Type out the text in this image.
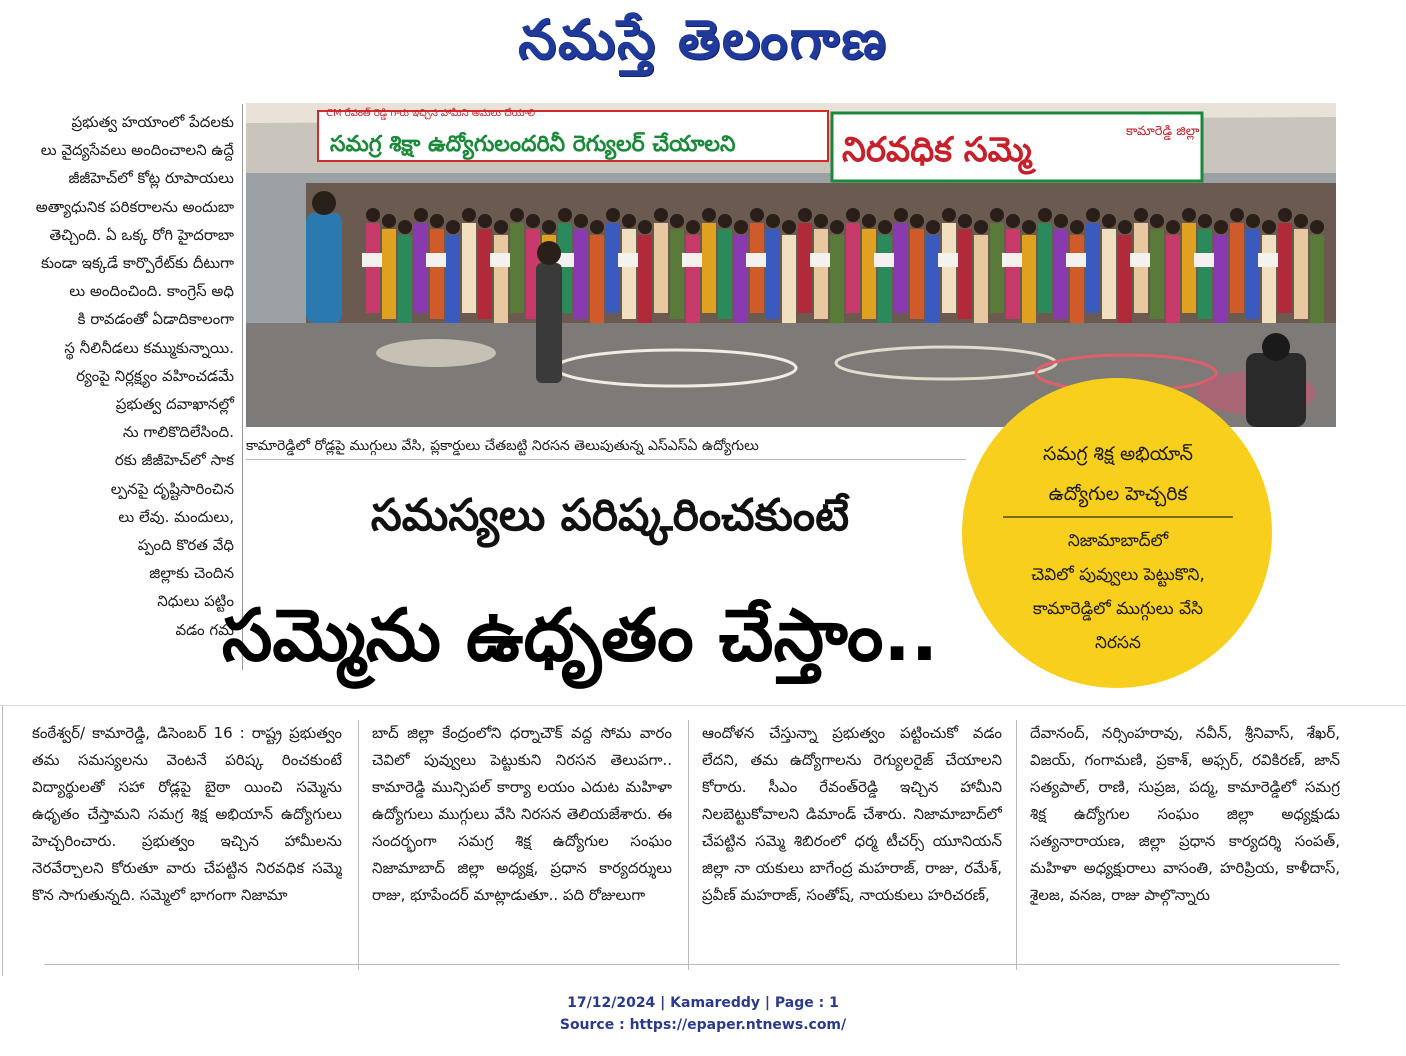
నమస్తే తెలంగాణ

ప్రభుత్వ హయాంలో పేదలకు

లు వైద్యసేవలు అందించాలని ఉద్దే

జీజీహెచ్‌లో కోట్ల రూపాయలు

అత్యాధునిక పరికరాలను అందుబా

తెచ్చింది. ఏ ఒక్క రోగి హైదరాబా

కుండా ఇక్కడే కార్పొరేట్‌కు దీటుగా

లు అందించింది. కాంగ్రెస్ అధి

కి రావడంతో ఏడాదికాలంగా

స్థ నీలినీడలు కమ్ముకున్నాయి.

ర్యంపై నిర్లక్ష్యం వహించడమే

ప్రభుత్వ దవాఖానల్లో

ను గాలికొదిలేసింది.

రకు జీజీహెచ్‌లో సాక

ల్పనపై దృష్టిసారించిన

లు లేవు. మందులు,

ప్పంది కొరత వేధి

జిల్లాకు చెందిన

నిధులు పట్టిం

వడం గమ

CM రేవంత్ రెడ్డి గారు ఇచ్చిన హామీని అమలు చేయాలి
సమగ్ర శిక్షా ఉద్యోగులందరినీ రెగ్యులర్ చేయాలని	నిరవధిక సమ్మె	కామారెడ్డి జిల్లా
కామారెడ్డిలో రోడ్లపై ముగ్గులు వేసి, ప్లకార్డులు చేతబట్టి నిరసన తెలుపుతున్న ఎస్ఎస్ఏ ఉద్యోగులు
సమస్యలు పరిష్కరించకుంటే
సమ్మెను ఉధృతం చేస్తాం..
సమగ్ర శిక్ష అభియాన్
ఉద్యోగుల హెచ్చరిక
నిజామాబాద్‌లో
చెవిలో పువ్వులు పెట్టుకొని,
కామారెడ్డిలో ముగ్గులు వేసి
నిరసన
కంఠేశ్వర్/ కామారెడ్డి, డిసెంబర్ 16 : రాష్ట్ర ప్రభుత్వం తమ సమస్యలను వెంటనే పరిష్క రించకుంటే విద్యార్థులతో సహా రోడ్లపై బైఠా యించి సమ్మెను ఉధృతం చేస్తామని సమగ్ర శిక్ష అభియాన్ ఉద్యోగులు హెచ్చరించారు. ప్రభుత్వం ఇచ్చిన హామీలను నెరవేర్చాలని కోరుతూ వారు చేపట్టిన నిరవధిక సమ్మె కొన సాగుతున్నది. సమ్మెలో భాగంగా నిజామా
బాద్ జిల్లా కేంద్రంలోని ధర్నాచౌక్ వద్ద సోమ వారం చెవిలో పువ్వులు పెట్టుకుని నిరసన తెలుపగా.. కామారెడ్డి మున్సిపల్ కార్యా లయం ఎదుట మహిళా ఉద్యోగులు ముగ్గులు వేసి నిరసన తెలియజేశారు. ఈ సందర్భంగా సమగ్ర శిక్ష ఉద్యోగుల సంఘం నిజామాబాద్ జిల్లా అధ్యక్ష, ప్రధాన కార్యదర్శులు రాజు, భూపేందర్ మాట్లాడుతూ.. పది రోజులుగా
ఆందోళన చేస్తున్నా ప్రభుత్వం పట్టించుకో వడం లేదని, తమ ఉద్యోగాలను రెగ్యులరైజ్ చేయాలని కోరారు. సీఎం రేవంత్‌రెడ్డి ఇచ్చిన హామీని నిలబెట్టుకోవాలని డిమాండ్ చేశారు. నిజామాబాద్‌లో చేపట్టిన సమ్మె శిబిరంలో ధర్మ టీచర్స్ యూనియన్ జిల్లా నా యకులు బాగేంద్ర మహరాజ్, రాజు, రమేశ్, ప్రవీణ్ మహరాజ్, సంతోష్, నాయకులు హరిచరణ్,
దేవానంద్, నర్సింహరావు, నవీన్, శ్రీనివాస్, శేఖర్, విజయ్, గంగామణి, ప్రకాశ్, అఫ్సర్, రవికిరణ్, జాన్ సత్యపాల్, రాణి, సుప్రజ, పద్మ, కామారెడ్డిలో సమగ్ర శిక్ష ఉద్యోగుల సంఘం జిల్లా అధ్యక్షుడు సత్యనారాయణ, జిల్లా ప్రధాన కార్యదర్శి సంపత్, మహిళా అధ్యక్షురాలు వాసంతి, హరిప్రియ, కాళీదాస్, శైలజ, వనజ, రాజు పాల్గొన్నారు
17/12/2024 | Kamareddy | Page : 1
Source : https://epaper.ntnews.com/
